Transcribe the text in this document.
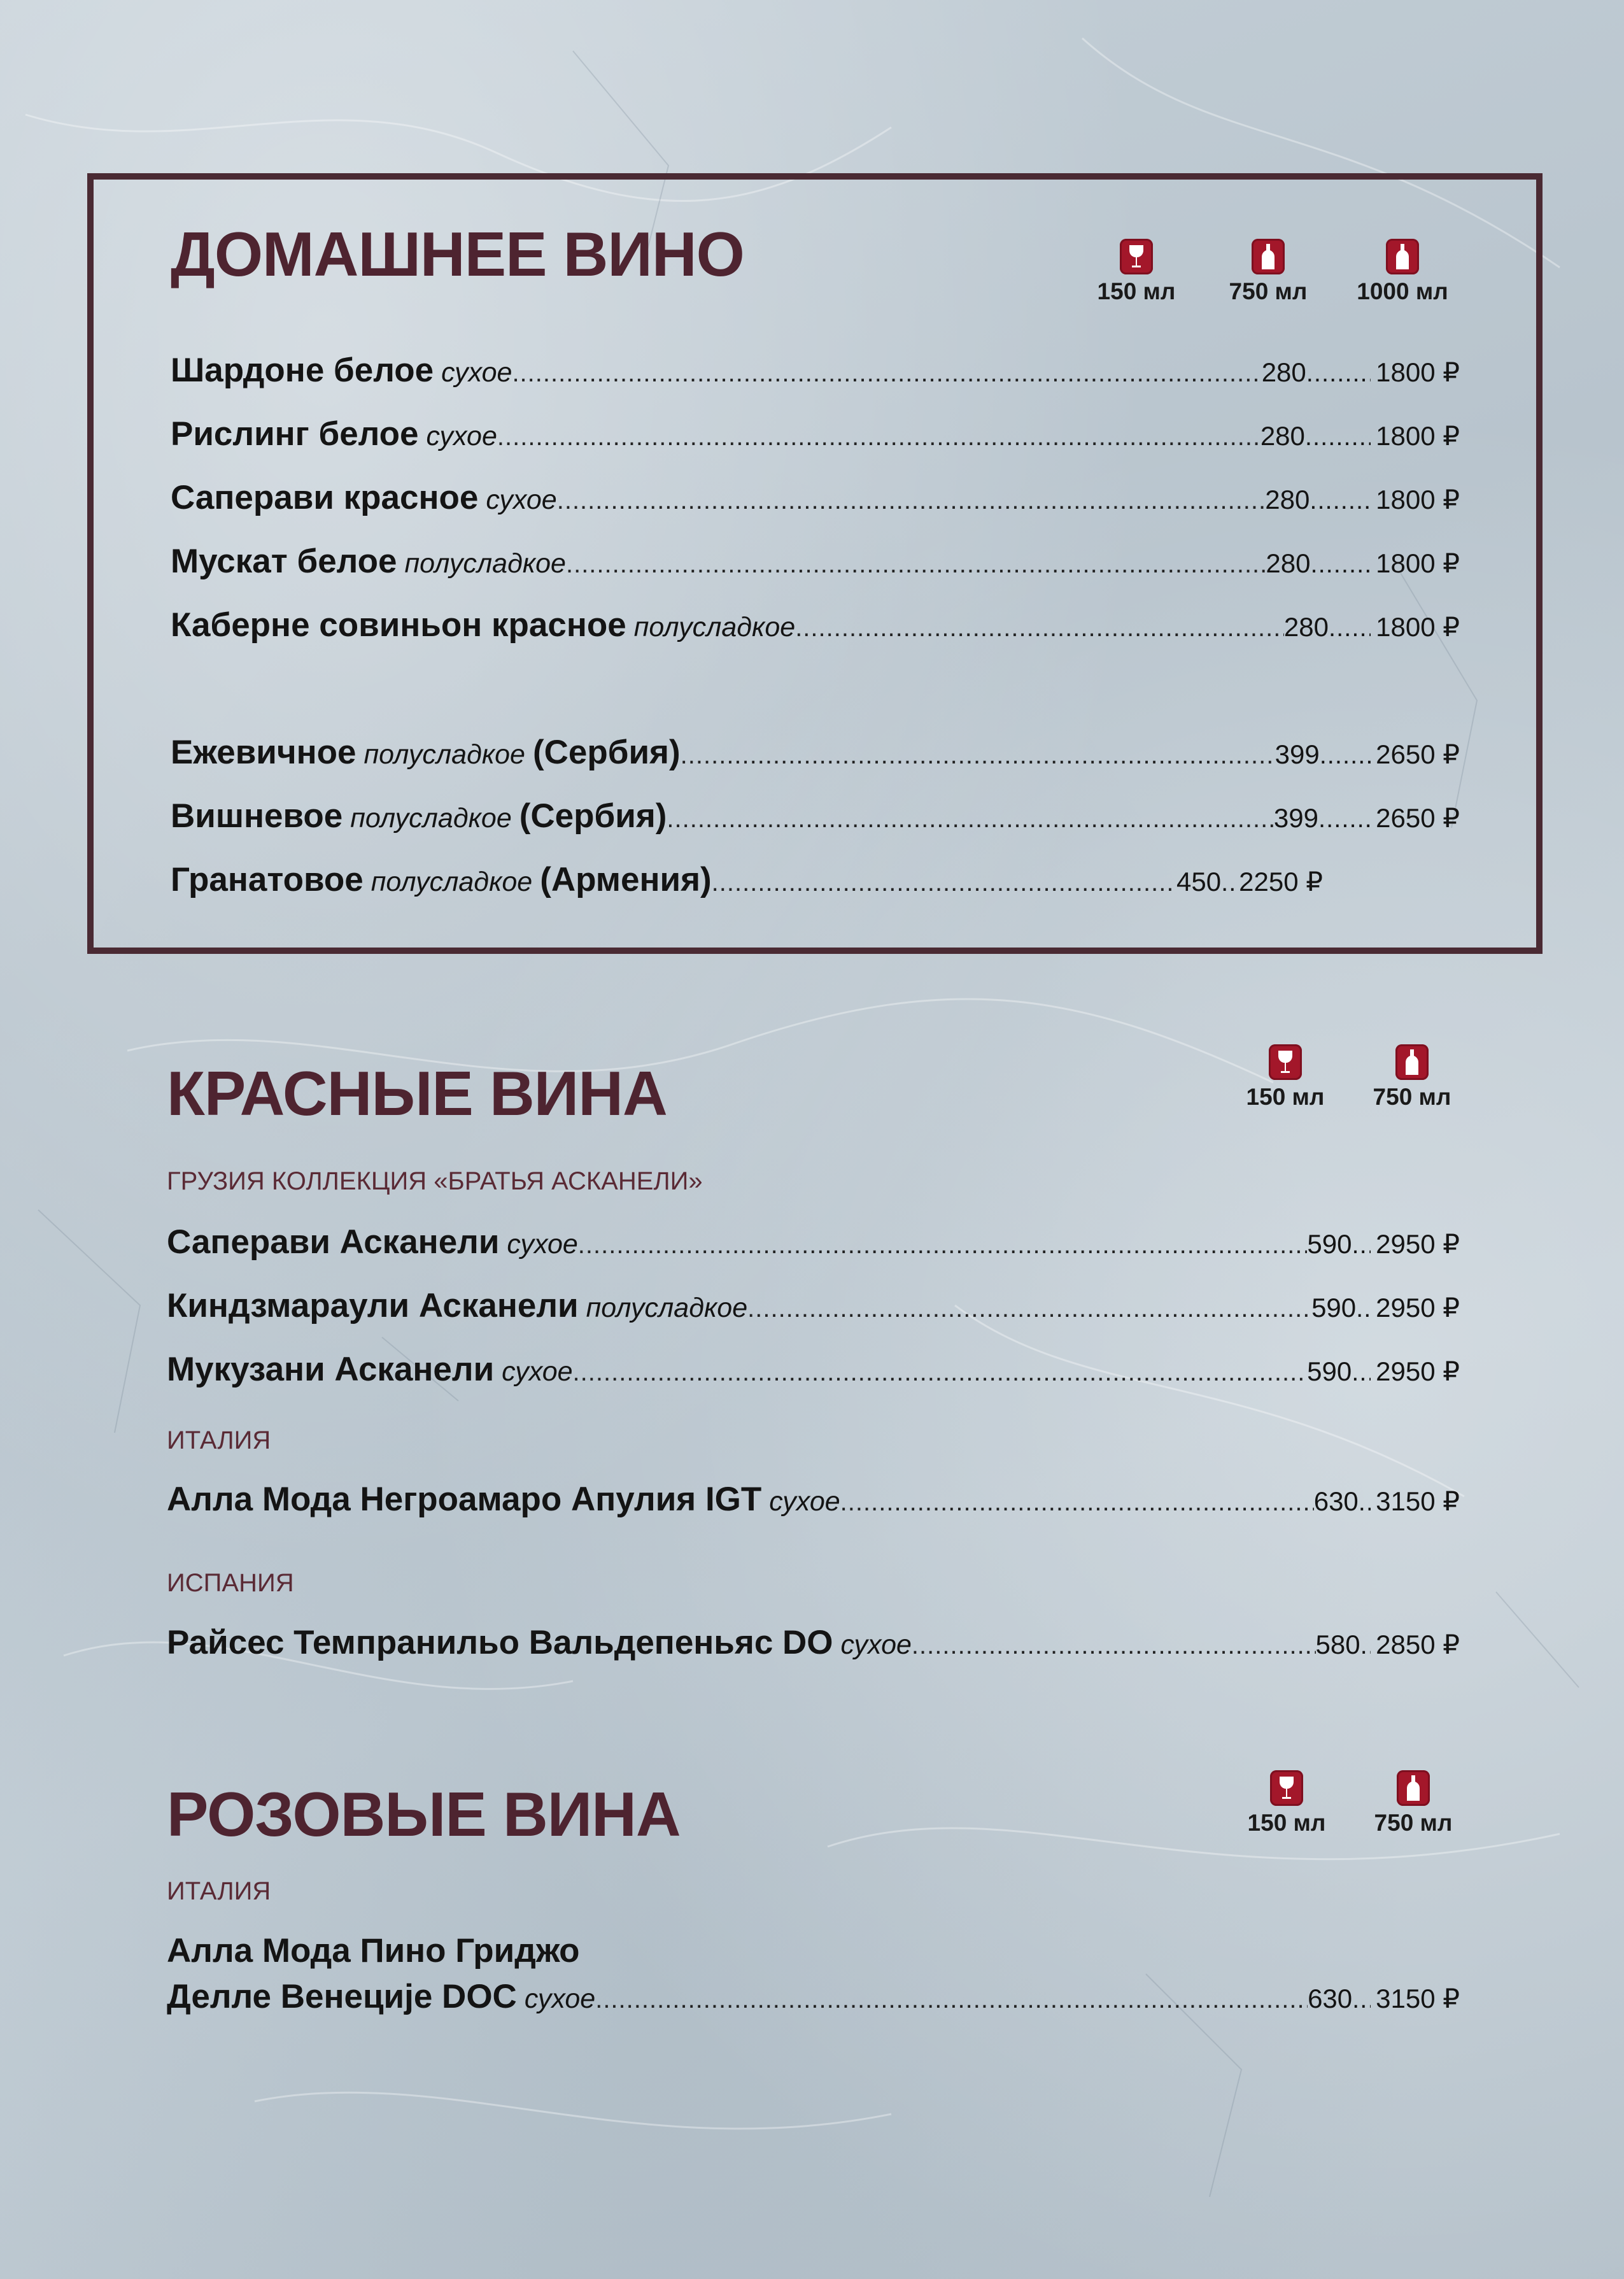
ДОМАШНЕЕ ВИНО
150 мл	750 мл	1000 мл
Шардоне белое сухое .....	280 .....	1800 ₽
Рислинг белое сухое .....	280 .....	1800 ₽
Саперави красное сухое .....	280 ..... 1800 ₽
Мускат белое полусладкое .....	280 ..... 1800 ₽
Каберне совиньон красное полусладкое .....	280 ..... 1800 ₽
Ежевичное полусладкое (Сербия) .....	399 ..... 2650 ₽
Вишневое полусладкое (Сербия) .....	399 ..... 2650 ₽
Гранатовое полусладкое (Армения) .....	450 ..... 2250 ₽
КРАСНЫЕ ВИНА	150 мл	750 мл
ГРУЗИЯ КОЛЛЕКЦИЯ «БРАТЬЯ АСКАНЕЛИ»
Саперави Асканели сухое .....	590 ..... 2950 ₽
Киндзмараули Асканели полусладкое .....	590 ..... 2950 ₽
Мукузани Асканели сухое .....	590 ..... 2950 ₽
ИТАЛИЯ
Алла Мода Негроамаро Апулия IGT сухое .....	630 ..... 3150 ₽
ИСПАНИЯ
Райсес Темпранильо Вальдепеньяс DO сухое .....	580 ..... 2850 ₽
РОЗОВЫЕ ВИНА	150 мл	750 мл
ИТАЛИЯ
Алла Мода Пино Гриджо
Делле Венеције DOC сухое .....	630 ..... 3150 ₽
